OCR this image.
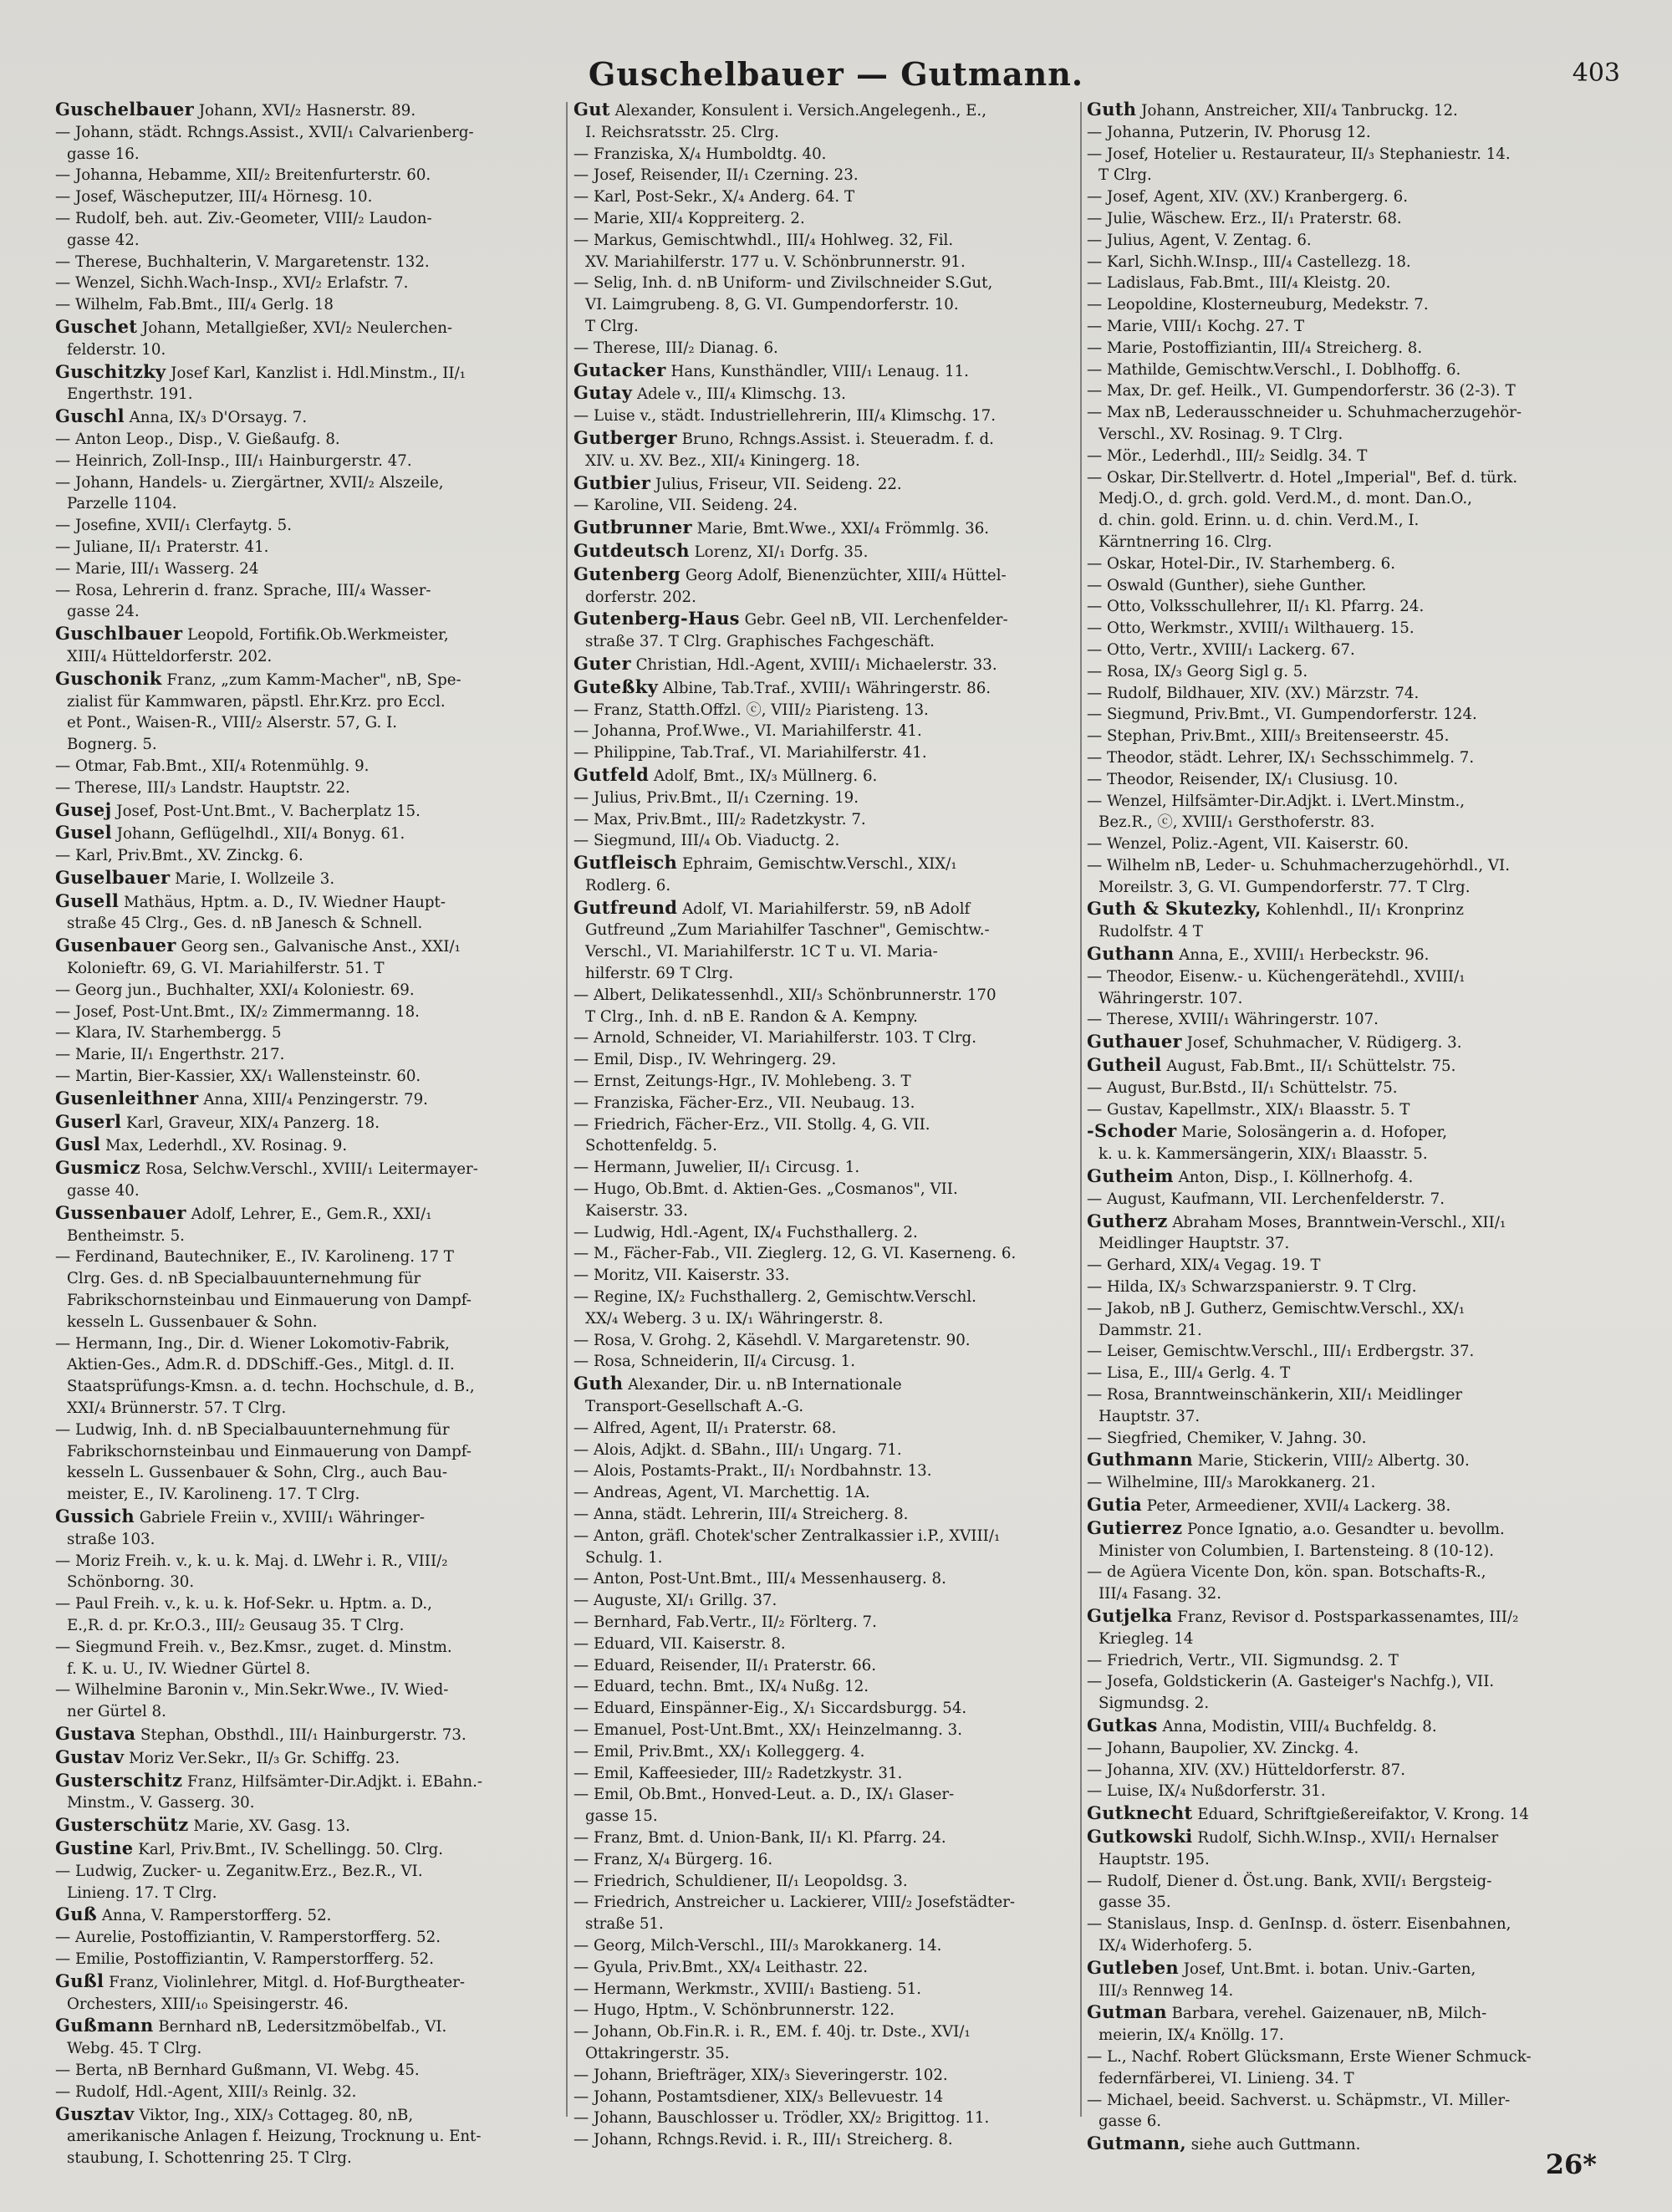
Guschelbauer — Gutmann.	403
Guschelbauer Johann, XVI/₂ Hasnerstr. 89.
— Johann, städt. Rchngs.Assist., XVII/₁ Calvarienberg-
gasse 16.
— Johanna, Hebamme, XII/₂ Breitenfurterstr. 60.
— Josef, Wäscheputzer, III/₄ Hörnesg. 10.
— Rudolf, beh. aut. Ziv.-Geometer, VIII/₂ Laudon-
gasse 42.
— Therese, Buchhalterin, V. Margaretenstr. 132.
— Wenzel, Sichh.Wach-Insp., XVI/₂ Erlafstr. 7.
— Wilhelm, Fab.Bmt., III/₄ Gerlg. 18
Guschet Johann, Metallgießer, XVI/₂ Neulerchen-
felderstr. 10.
Guschitzky Josef Karl, Kanzlist i. Hdl.Minstm., II/₁
Engerthstr. 191.
Guschl Anna, IX/₃ D'Orsayg. 7.
— Anton Leop., Disp., V. Gießaufg. 8.
— Heinrich, Zoll-Insp., III/₁ Hainburgerstr. 47.
— Johann, Handels- u. Ziergärtner, XVII/₂ Alszeile,
Parzelle 1104.
— Josefine, XVII/₁ Clerfaytg. 5.
— Juliane, II/₁ Praterstr. 41.
— Marie, III/₁ Wasserg. 24
— Rosa, Lehrerin d. franz. Sprache, III/₄ Wasser-
gasse 24.
Guschlbauer Leopold, Fortifik.Ob.Werkmeister,
XIII/₄ Hütteldorferstr. 202.
Guschonik Franz, „zum Kamm-Macher", nB, Spe-
zialist für Kammwaren, päpstl. Ehr.Krz. pro Eccl.
et Pont., Waisen-R., VIII/₂ Alserstr. 57, G. I.
Bognerg. 5.
— Otmar, Fab.Bmt., XII/₄ Rotenmühlg. 9.
— Therese, III/₃ Landstr. Hauptstr. 22.
Gusej Josef, Post-Unt.Bmt., V. Bacherplatz 15.
Gusel Johann, Geflügelhdl., XII/₄ Bonyg. 61.
— Karl, Priv.Bmt., XV. Zinckg. 6.
Guselbauer Marie, I. Wollzeile 3.
Gusell Mathäus, Hptm. a. D., IV. Wiedner Haupt-
straße 45 Clrg., Ges. d. nB Janesch & Schnell.
Gusenbauer Georg sen., Galvanische Anst., XXI/₁
Kolonieftr. 69, G. VI. Mariahilferstr. 51. T
— Georg jun., Buchhalter, XXI/₄ Koloniestr. 69.
— Josef, Post-Unt.Bmt., IX/₂ Zimmermanng. 18.
— Klara, IV. Starhembergg. 5
— Marie, II/₁ Engerthstr. 217.
— Martin, Bier-Kassier, XX/₁ Wallensteinstr. 60.
Gusenleithner Anna, XIII/₄ Penzingerstr. 79.
Guserl Karl, Graveur, XIX/₄ Panzerg. 18.
Gusl Max, Lederhdl., XV. Rosinag. 9.
Gusmicz Rosa, Selchw.Verschl., XVIII/₁ Leitermayer-
gasse 40.
Gussenbauer Adolf, Lehrer, E., Gem.R., XXI/₁
Bentheimstr. 5.
— Ferdinand, Bautechniker, E., IV. Karolineng. 17 T
Clrg. Ges. d. nB Specialbauunternehmung für
Fabrikschornsteinbau und Einmauerung von Dampf-
kesseln L. Gussenbauer & Sohn.
— Hermann, Ing., Dir. d. Wiener Lokomotiv-Fabrik,
Aktien-Ges., Adm.R. d. DDSchiff.-Ges., Mitgl. d. II.
Staatsprüfungs-Kmsn. a. d. techn. Hochschule, d. B.,
XXI/₄ Brünnerstr. 57. T Clrg.
— Ludwig, Inh. d. nB Specialbauunternehmung für
Fabrikschornsteinbau und Einmauerung von Dampf-
kesseln L. Gussenbauer & Sohn, Clrg., auch Bau-
meister, E., IV. Karolineng. 17. T Clrg.
Gussich Gabriele Freiin v., XVIII/₁ Währinger-
straße 103.
— Moriz Freih. v., k. u. k. Maj. d. LWehr i. R., VIII/₂
Schönborng. 30.
— Paul Freih. v., k. u. k. Hof-Sekr. u. Hptm. a. D.,
E.,R. d. pr. Kr.O.3., III/₂ Geusaug 35. T Clrg.
— Siegmund Freih. v., Bez.Kmsr., zuget. d. Minstm.
f. K. u. U., IV. Wiedner Gürtel 8.
— Wilhelmine Baronin v., Min.Sekr.Wwe., IV. Wied-
ner Gürtel 8.
Gustava Stephan, Obsthdl., III/₁ Hainburgerstr. 73.
Gustav Moriz Ver.Sekr., II/₃ Gr. Schiffg. 23.
Gusterschitz Franz, Hilfsämter-Dir.Adjkt. i. EBahn.-
Minstm., V. Gasserg. 30.
Gusterschütz Marie, XV. Gasg. 13.
Gustine Karl, Priv.Bmt., IV. Schellingg. 50. Clrg.
— Ludwig, Zucker- u. Zeganitw.Erz., Bez.R., VI.
Linieng. 17. T Clrg.
Guß Anna, V. Ramperstorfferg. 52.
— Aurelie, Postoffiziantin, V. Ramperstorfferg. 52.
— Emilie, Postoffiziantin, V. Ramperstorfferg. 52.
Gußl Franz, Violinlehrer, Mitgl. d. Hof-Burgtheater-
Orchesters, XIII/₁₀ Speisingerstr. 46.
Gußmann Bernhard nB, Ledersitzmöbelfab., VI.
Webg. 45. T Clrg.
— Berta, nB Bernhard Gußmann, VI. Webg. 45.
— Rudolf, Hdl.-Agent, XIII/₃ Reinlg. 32.
Gusztav Viktor, Ing., XIX/₃ Cottageg. 80, nB,
amerikanische Anlagen f. Heizung, Trocknung u. Ent-
staubung, I. Schottenring 25. T Clrg.
Gut Alexander, Konsulent i. Versich.Angelegenh., E.,
I. Reichsratsstr. 25. Clrg.
— Franziska, X/₄ Humboldtg. 40.
— Josef, Reisender, II/₁ Czerning. 23.
— Karl, Post-Sekr., X/₄ Anderg. 64. T
— Marie, XII/₄ Koppreiterg. 2.
— Markus, Gemischtwhdl., III/₄ Hohlweg. 32, Fil.
XV. Mariahilferstr. 177 u. V. Schönbrunnerstr. 91.
— Selig, Inh. d. nB Uniform- und Zivilschneider S.Gut,
VI. Laimgrubeng. 8, G. VI. Gumpendorferstr. 10.
T Clrg.
— Therese, III/₂ Dianag. 6.
Gutacker Hans, Kunsthändler, VIII/₁ Lenaug. 11.
Gutay Adele v., III/₄ Klimschg. 13.
— Luise v., städt. Industriellehrerin, III/₄ Klimschg. 17.
Gutberger Bruno, Rchngs.Assist. i. Steueradm. f. d.
XIV. u. XV. Bez., XII/₄ Kiningerg. 18.
Gutbier Julius, Friseur, VII. Seideng. 22.
— Karoline, VII. Seideng. 24.
Gutbrunner Marie, Bmt.Wwe., XXI/₄ Frömmlg. 36.
Gutdeutsch Lorenz, XI/₁ Dorfg. 35.
Gutenberg Georg Adolf, Bienenzüchter, XIII/₄ Hüttel-
dorferstr. 202.
Gutenberg-Haus Gebr. Geel nB, VII. Lerchenfelder-
straße 37. T Clrg. Graphisches Fachgeschäft.
Guter Christian, Hdl.-Agent, XVIII/₁ Michaelerstr. 33.
Guteßky Albine, Tab.Traf., XVIII/₁ Währingerstr. 86.
— Franz, Statth.Offzl. ⓒ, VIII/₂ Piaristeng. 13.
— Johanna, Prof.Wwe., VI. Mariahilferstr. 41.
— Philippine, Tab.Traf., VI. Mariahilferstr. 41.
Gutfeld Adolf, Bmt., IX/₃ Müllnerg. 6.
— Julius, Priv.Bmt., II/₁ Czerning. 19.
— Max, Priv.Bmt., III/₂ Radetzkystr. 7.
— Siegmund, III/₄ Ob. Viaductg. 2.
Gutfleisch Ephraim, Gemischtw.Verschl., XIX/₁
Rodlerg. 6.
Gutfreund Adolf, VI. Mariahilferstr. 59, nB Adolf
Gutfreund „Zum Mariahilfer Taschner", Gemischtw.-
Verschl., VI. Mariahilferstr. 1C T u. VI. Maria-
hilferstr. 69 T Clrg.
— Albert, Delikatessenhdl., XII/₃ Schönbrunnerstr. 170
T Clrg., Inh. d. nB E. Randon & A. Kempny.
— Arnold, Schneider, VI. Mariahilferstr. 103. T Clrg.
— Emil, Disp., IV. Wehringerg. 29.
— Ernst, Zeitungs-Hgr., IV. Mohlebeng. 3. T
— Franziska, Fächer-Erz., VII. Neubaug. 13.
— Friedrich, Fächer-Erz., VII. Stollg. 4, G. VII.
Schottenfeldg. 5.
— Hermann, Juwelier, II/₁ Circusg. 1.
— Hugo, Ob.Bmt. d. Aktien-Ges. „Cosmanos", VII.
Kaiserstr. 33.
— Ludwig, Hdl.-Agent, IX/₄ Fuchsthallerg. 2.
— M., Fächer-Fab., VII. Zieglerg. 12, G. VI. Kaserneng. 6.
— Moritz, VII. Kaiserstr. 33.
— Regine, IX/₂ Fuchsthallerg. 2, Gemischtw.Verschl.
XX/₄ Weberg. 3 u. IX/₁ Währingerstr. 8.
— Rosa, V. Grohg. 2, Käsehdl. V. Margaretenstr. 90.
— Rosa, Schneiderin, II/₄ Circusg. 1.
Guth Alexander, Dir. u. nB Internationale
Transport-Gesellschaft A.-G.
— Alfred, Agent, II/₁ Praterstr. 68.
— Alois, Adjkt. d. SBahn., III/₁ Ungarg. 71.
— Alois, Postamts-Prakt., II/₁ Nordbahnstr. 13.
— Andreas, Agent, VI. Marchettig. 1A.
— Anna, städt. Lehrerin, III/₄ Streicherg. 8.
— Anton, gräfl. Chotek'scher Zentralkassier i.P., XVIII/₁
Schulg. 1.
— Anton, Post-Unt.Bmt., III/₄ Messenhauserg. 8.
— Auguste, XI/₁ Grillg. 37.
— Bernhard, Fab.Vertr., II/₂ Förlterg. 7.
— Eduard, VII. Kaiserstr. 8.
— Eduard, Reisender, II/₁ Praterstr. 66.
— Eduard, techn. Bmt., IX/₄ Nußg. 12.
— Eduard, Einspänner-Eig., X/₁ Siccardsburgg. 54.
— Emanuel, Post-Unt.Bmt., XX/₁ Heinzelmanng. 3.
— Emil, Priv.Bmt., XX/₁ Kolleggerg. 4.
— Emil, Kaffeesieder, III/₂ Radetzkystr. 31.
— Emil, Ob.Bmt., Honved-Leut. a. D., IX/₁ Glaser-
gasse 15.
— Franz, Bmt. d. Union-Bank, II/₁ Kl. Pfarrg. 24.
— Franz, X/₄ Bürgerg. 16.
— Friedrich, Schuldiener, II/₁ Leopoldsg. 3.
— Friedrich, Anstreicher u. Lackierer, VIII/₂ Josefstädter-
straße 51.
— Georg, Milch-Verschl., III/₃ Marokkanerg. 14.
— Gyula, Priv.Bmt., XX/₄ Leithastr. 22.
— Hermann, Werkmstr., XVIII/₁ Bastieng. 51.
— Hugo, Hptm., V. Schönbrunnerstr. 122.
— Johann, Ob.Fin.R. i. R., EM. f. 40j. tr. Dste., XVI/₁
Ottakringerstr. 35.
— Johann, Briefträger, XIX/₃ Sieveringerstr. 102.
— Johann, Postamtsdiener, XIX/₃ Bellevuestr. 14
— Johann, Bauschlosser u. Trödler, XX/₂ Brigittog. 11.
— Johann, Rchngs.Revid. i. R., III/₁ Streicherg. 8.
Guth Johann, Anstreicher, XII/₄ Tanbruckg. 12.
— Johanna, Putzerin, IV. Phorusg 12.
— Josef, Hotelier u. Restaurateur, II/₃ Stephaniestr. 14.
T Clrg.
— Josef, Agent, XIV. (XV.) Kranbergerg. 6.
— Julie, Wäschew. Erz., II/₁ Praterstr. 68.
— Julius, Agent, V. Zentag. 6.
— Karl, Sichh.W.Insp., III/₄ Castellezg. 18.
— Ladislaus, Fab.Bmt., III/₄ Kleistg. 20.
— Leopoldine, Klosterneuburg, Medekstr. 7.
— Marie, VIII/₁ Kochg. 27. T
— Marie, Postoffiziantin, III/₄ Streicherg. 8.
— Mathilde, Gemischtw.Verschl., I. Doblhoffg. 6.
— Max, Dr. gef. Heilk., VI. Gumpendorferstr. 36 (2-3). T
— Max nB, Lederausschneider u. Schuhmacherzugehör-
Verschl., XV. Rosinag. 9. T Clrg.
— Mör., Lederhdl., III/₂ Seidlg. 34. T
— Oskar, Dir.Stellvertr. d. Hotel „Imperial", Bef. d. türk.
Medj.O., d. grch. gold. Verd.M., d. mont. Dan.O.,
d. chin. gold. Erinn. u. d. chin. Verd.M., I.
Kärntnerring 16. Clrg.
— Oskar, Hotel-Dir., IV. Starhemberg. 6.
— Oswald (Gunther), siehe Gunther.
— Otto, Volksschullehrer, II/₁ Kl. Pfarrg. 24.
— Otto, Werkmstr., XVIII/₁ Wilthauerg. 15.
— Otto, Vertr., XVIII/₁ Lackerg. 67.
— Rosa, IX/₃ Georg Sigl g. 5.
— Rudolf, Bildhauer, XIV. (XV.) Märzstr. 74.
— Siegmund, Priv.Bmt., VI. Gumpendorferstr. 124.
— Stephan, Priv.Bmt., XIII/₃ Breitenseerstr. 45.
— Theodor, städt. Lehrer, IX/₁ Sechsschimmelg. 7.
— Theodor, Reisender, IX/₁ Clusiusg. 10.
— Wenzel, Hilfsämter-Dir.Adjkt. i. LVert.Minstm.,
Bez.R., ⓒ, XVIII/₁ Gersthoferstr. 83.
— Wenzel, Poliz.-Agent, VII. Kaiserstr. 60.
— Wilhelm nB, Leder- u. Schuhmacherzugehörhdl., VI.
Moreilstr. 3, G. VI. Gumpendorferstr. 77. T Clrg.
Guth & Skutezky, Kohlenhdl., II/₁ Kronprinz
Rudolfstr. 4 T
Guthann Anna, E., XVIII/₁ Herbeckstr. 96.
— Theodor, Eisenw.- u. Küchengerätehdl., XVIII/₁
Währingerstr. 107.
— Therese, XVIII/₁ Währingerstr. 107.
Guthauer Josef, Schuhmacher, V. Rüdigerg. 3.
Gutheil August, Fab.Bmt., II/₁ Schüttelstr. 75.
— August, Bur.Bstd., II/₁ Schüttelstr. 75.
— Gustav, Kapellmstr., XIX/₁ Blaasstr. 5. T
-Schoder Marie, Solosängerin a. d. Hofoper,
k. u. k. Kammersängerin, XIX/₁ Blaasstr. 5.
Gutheim Anton, Disp., I. Köllnerhofg. 4.
— August, Kaufmann, VII. Lerchenfelderstr. 7.
Gutherz Abraham Moses, Branntwein-Verschl., XII/₁
Meidlinger Hauptstr. 37.
— Gerhard, XIX/₄ Vegag. 19. T
— Hilda, IX/₃ Schwarzspanierstr. 9. T Clrg.
— Jakob, nB J. Gutherz, Gemischtw.Verschl., XX/₁
Dammstr. 21.
— Leiser, Gemischtw.Verschl., III/₁ Erdbergstr. 37.
— Lisa, E., III/₄ Gerlg. 4. T
— Rosa, Branntweinschänkerin, XII/₁ Meidlinger
Hauptstr. 37.
— Siegfried, Chemiker, V. Jahng. 30.
Guthmann Marie, Stickerin, VIII/₂ Albertg. 30.
— Wilhelmine, III/₃ Marokkanerg. 21.
Gutia Peter, Armeediener, XVII/₄ Lackerg. 38.
Gutierrez Ponce Ignatio, a.o. Gesandter u. bevollm.
Minister von Columbien, I. Bartensteing. 8 (10-12).
— de Agüera Vicente Don, kön. span. Botschafts-R.,
III/₄ Fasang. 32.
Gutjelka Franz, Revisor d. Postsparkassenamtes, III/₂
Kriegleg. 14
— Friedrich, Vertr., VII. Sigmundsg. 2. T
— Josefa, Goldstickerin (A. Gasteiger's Nachfg.), VII.
Sigmundsg. 2.
Gutkas Anna, Modistin, VIII/₄ Buchfeldg. 8.
— Johann, Baupolier, XV. Zinckg. 4.
— Johanna, XIV. (XV.) Hütteldorferstr. 87.
— Luise, IX/₄ Nußdorferstr. 31.
Gutknecht Eduard, Schriftgießereifaktor, V. Krong. 14
Gutkowski Rudolf, Sichh.W.Insp., XVII/₁ Hernalser
Hauptstr. 195.
— Rudolf, Diener d. Öst.ung. Bank, XVII/₁ Bergsteig-
gasse 35.
— Stanislaus, Insp. d. GenInsp. d. österr. Eisenbahnen,
IX/₄ Widerhoferg. 5.
Gutleben Josef, Unt.Bmt. i. botan. Univ.-Garten,
III/₃ Rennweg 14.
Gutman Barbara, verehel. Gaizenauer, nB, Milch-
meierin, IX/₄ Knöllg. 17.
— L., Nachf. Robert Glücksmann, Erste Wiener Schmuck-
federnfärberei, VI. Linieng. 34. T
— Michael, beeid. Sachverst. u. Schäpmstr., VI. Miller-
gasse 6.
Gutmann, siehe auch Guttmann.
26*
